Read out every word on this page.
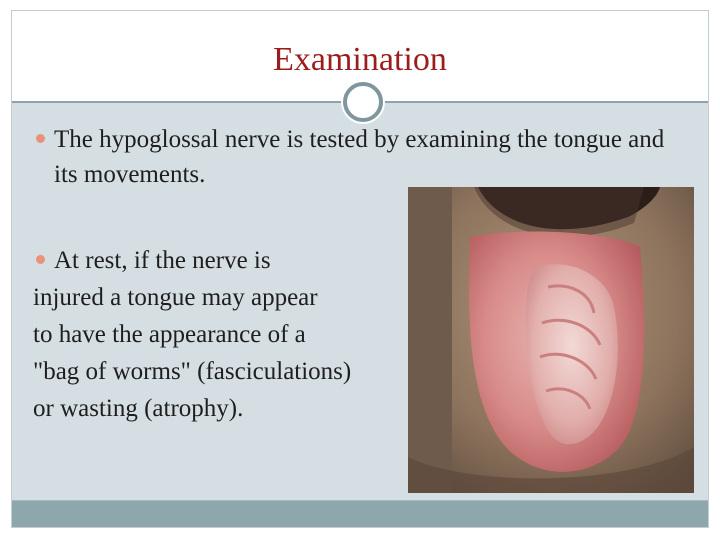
Examination
The hypoglossal nerve is tested by examining the tongue and its movements.
At rest, if the nerve is
injured a tongue may appear
to have the appearance of a
"bag of worms" (fasciculations)
or wasting (atrophy).
